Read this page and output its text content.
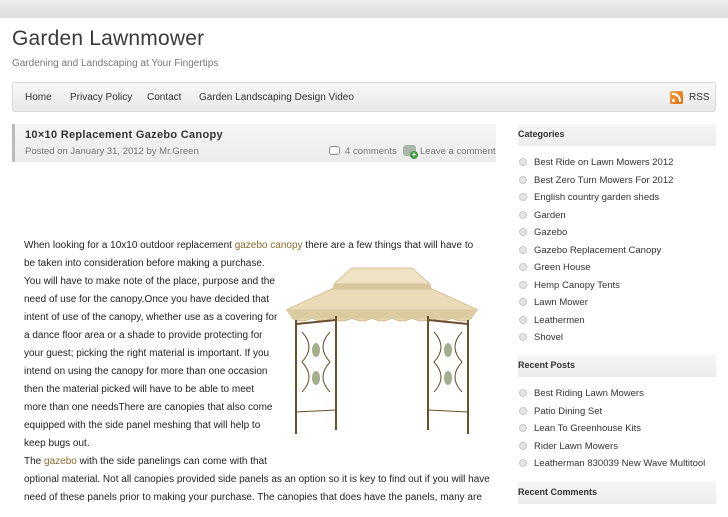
Garden Lawnmower
Gardening and Landscaping at Your Fingertips
Home Privacy Policy Contact Garden Landscaping Design Video	RSS
10×10 Replacement Gazebo Canopy
Posted on January 31, 2012 by Mr.Green	4 comments
+ Leave a comment
When looking for a 10x10 outdoor replacement gazebo canopy there are a few things that will have to
be taken into consideration before making a purchase.
You will have to make note of the place, purpose and the
need of use for the canopy.Once you have decided that
intent of use of the canopy, whether use as a covering for
a dance floor area or a shade to provide protecting for
your guest; picking the right material is important. If you
intend on using the canopy for more than one occasion
then the material picked will have to be able to meet
more than one needsThere are canopies that also come
equipped with the side panel meshing that will help to
keep bugs out.
The gazebo with the side panelings can come with that
optional material. Not all canopies provided side panels as an option so it is key to find out if you will have
need of these panels prior to making your purchase. The canopies that does have the panels, many are
Categories
Best Ride on Lawn Mowers 2012
Best Zero Turn Mowers For 2012
English country garden sheds
Garden
Gazebo
Gazebo Replacement Canopy
Green House
Hemp Canopy Tents
Lawn Mower
Leathermen
Shovel
Recent Posts
Best Riding Lawn Mowers
Patio Dining Set
Lean To Greenhouse Kits
Rider Lawn Mowers
Leatherman 830039 New Wave Multitool
Recent Comments
